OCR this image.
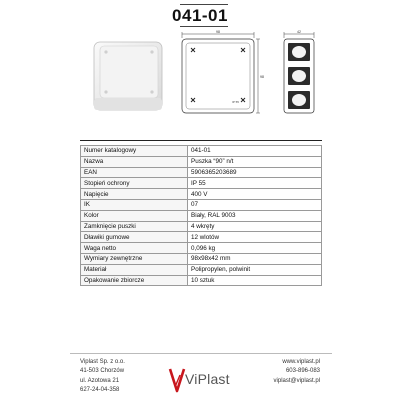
041-01
98
IP 55
98
42
Numer katalogowy	041-01
Nazwa	Puszka “90” n/t
EAN	5906365203689
Stopień ochrony	IP 55
Napięcie	400 V
IK	07
Kolor	Biały, RAL 9003
Zamknięcie puszki	4 wkręty
Dławiki gumowe	12 wlotów
Waga netto	0,096 kg
Wymiary zewnętrzne	98x98x42 mm
Materiał	Polipropylen, polwinit
Opakowanie zbiorcze	10 sztuk
Viplast Sp. z o.o.
41-503 Chorzów
ul. Azotowa 21
627-24-04-358
ViPlast
www.viplast.pl
603-896-083
viplast@viplast.pl
